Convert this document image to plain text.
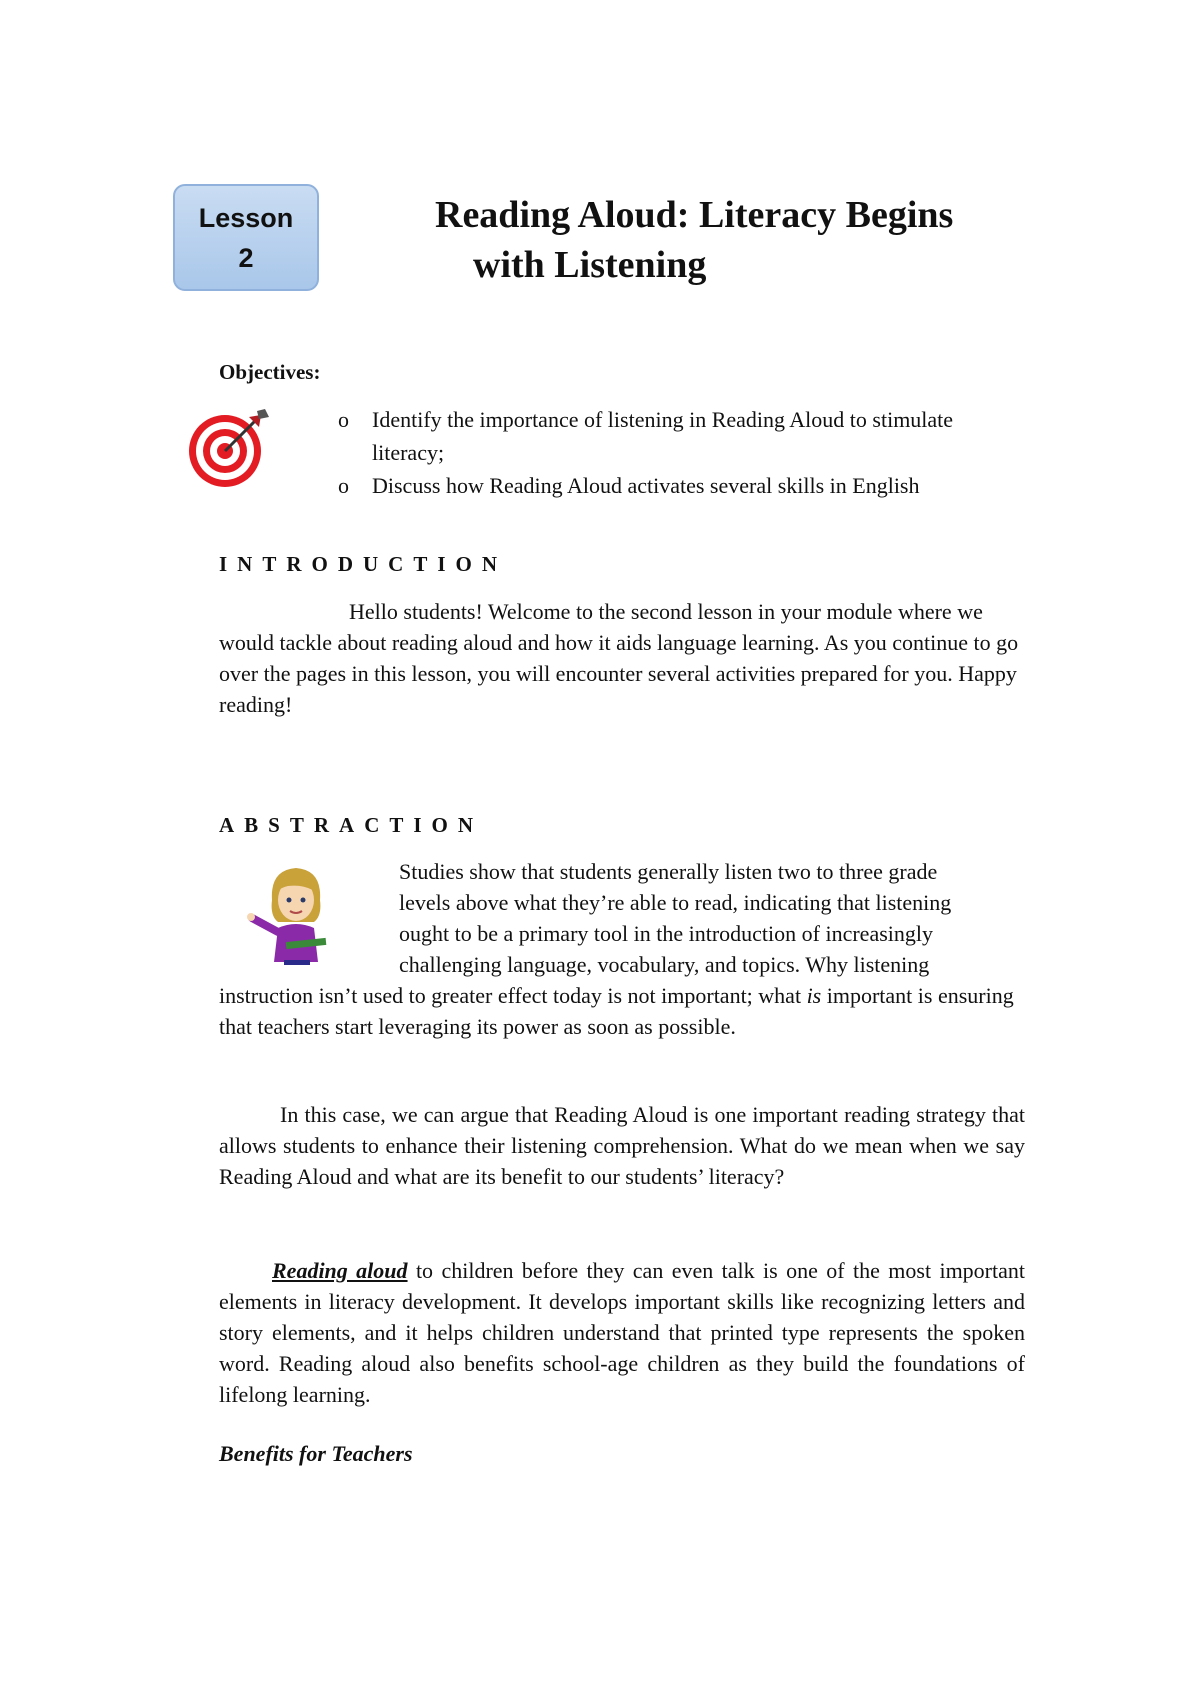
Lesson
2
Reading Aloud: Literacy Begins
with Listening
Objectives:
o Identify the importance of listening in Reading Aloud to stimulate literacy;
o Discuss how Reading Aloud activates several skills in English
INTRODUCTION

Hello students! Welcome to the second lesson in your module where we would tackle about reading aloud and how it aids language learning. As you continue to go over the pages in this lesson, you will encounter several activities prepared for you. Happy reading!

ABSTRACTION

Studies show that students generally listen two to three grade
levels above what they’re able to read, indicating that listening
ought to be a primary tool in the introduction of increasingly
challenging language, vocabulary, and topics. Why listening

instruction isn’t used to greater effect today is not important; what is important is ensuring that teachers start leveraging its power as soon as possible.

In this case, we can argue that Reading Aloud is one important reading strategy that allows students to enhance their listening comprehension. What do we mean when we say Reading Aloud and what are its benefit to our students’ literacy?

Reading aloud to children before they can even talk is one of the most important elements in literacy development. It develops important skills like recognizing letters and story elements, and it helps children understand that printed type represents the spoken word. Reading aloud also benefits school-age children as they build the foundations of lifelong learning.

Benefits for Teachers
